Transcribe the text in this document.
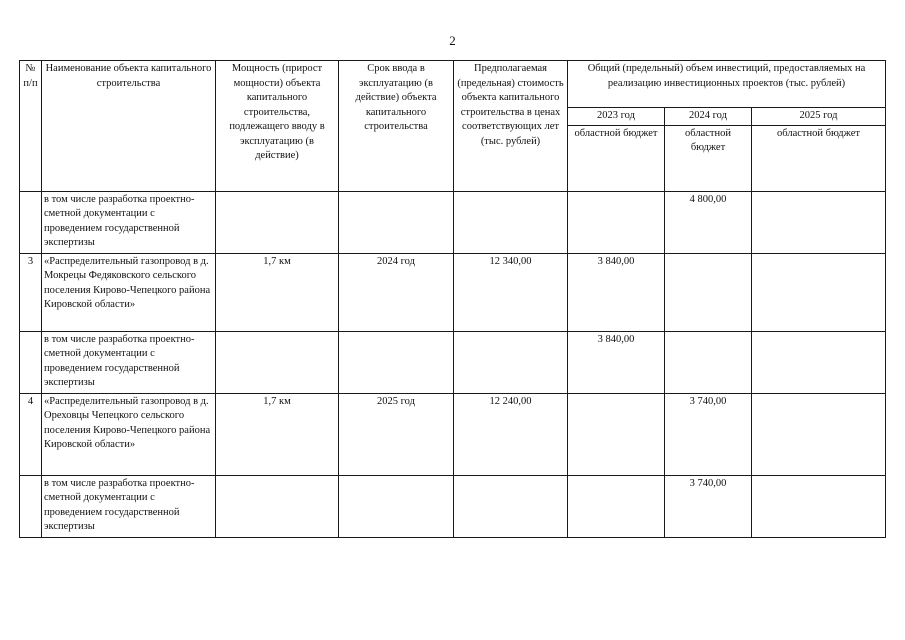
2
№ п/п	Наименование объекта капитального строительства	Мощность (прирост мощности) объекта капитального строительства, подлежащего вводу в эксплуатацию (в действие)	Срок ввода в эксплуатацию (в действие) объекта капитального строительства	Предполагаемая (предельная) стоимость объекта капитального строительства в ценах соответствующих лет (тыс. рублей)	Общий (предельный) объем инвестиций, предоставляемых на реализацию инвестиционных проектов (тыс. рублей)		
					2023 год	2024 год	2025 год
					областной бюджет	областной бюджет	областной бюджет
	в том числе разработка проектно-сметной документации с проведением государственной экспертизы					4 800,00	
3	«Распределительный газопровод в д. Мокрецы Федяковского сельского поселения Кирово-Чепецкого района Кировской области»	1,7 км	2024 год	12 340,00	3 840,00		
	в том числе разработка проектно-сметной документации с проведением государственной экспертизы				3 840,00		
4	«Распределительный газопровод в д. Ореховцы Чепецкого сельского поселения Кирово-Чепецкого района Кировской области»	1,7 км	2025 год	12 240,00		3 740,00	
	в том числе разработка проектно-сметной документации с проведением государственной экспертизы					3 740,00	
